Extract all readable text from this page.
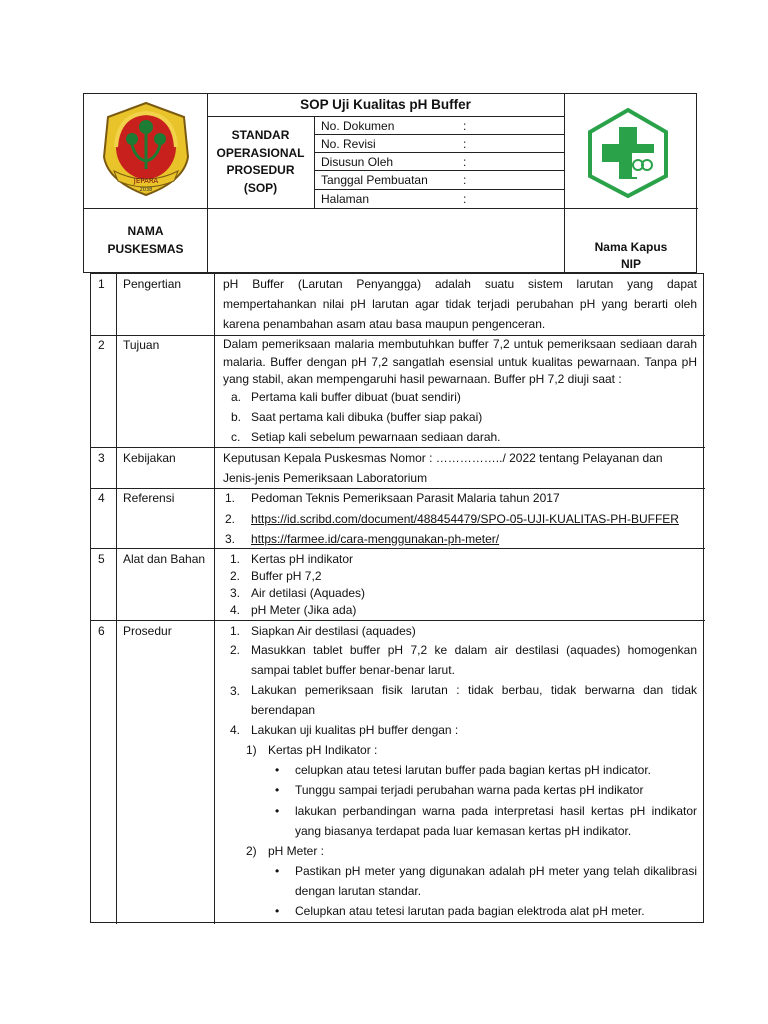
JEPARA
2038
SOP Uji Kualitas pH Buffer
STANDAR
OPERASIONAL
PROSEDUR
(SOP)
No. Dokumen	:
No. Revisi	:
Disusun Oleh	:
Tanggal Pembuatan	:
Halaman	:
NAMA
PUSKESMAS	Nama Kapus
NIP
1 Pengertian	pH Buffer (Larutan Penyangga) adalah suatu sistem larutan yang dapat mempertahankan nilai pH larutan agar tidak terjadi perubahan pH yang berarti oleh karena penambahan asam atau basa maupun pengenceran.
2 Tujuan	Dalam pemeriksaan malaria membutuhkan buffer 7,2 untuk pemeriksaan sediaan darah malaria. Buffer dengan pH 7,2 sangatlah esensial untuk kualitas pewarnaan. Tanpa pH yang stabil, akan mempengaruhi hasil pewarnaan. Buffer pH 7,2 diuji saat :
a. Pertama kali buffer dibuat (buat sendiri)
b. Saat pertama kali dibuka (buffer siap pakai)
c. Setiap kali sebelum pewarnaan sediaan darah.
3 Kebijakan	Keputusan Kepala Puskesmas Nomor : ……………../ 2022 tentang Pelayanan dan
Jenis-jenis Pemeriksaan Laboratorium
4 Referensi	1. Pedoman Teknis Pemeriksaan Parasit Malaria tahun 2017
2. https://id.scribd.com/document/488454479/SPO-05-UJI-KUALITAS-PH-BUFFER
3. https://farmee.id/cara-menggunakan-ph-meter/
5 Alat dan Bahan 1. Kertas pH indikator
2. Buffer pH 7,2
3. Air detilasi (Aquades)
4. pH Meter (Jika ada)
6 Prosedur	1. Siapkan Air destilasi (aquades)
2. Masukkan tablet buffer pH 7,2 ke dalam air destilasi (aquades) homogenkan sampai tablet buffer benar-benar larut.
3. Lakukan pemeriksaan fisik larutan : tidak berbau, tidak berwarna dan tidak berendapan
4. Lakukan uji kualitas pH buffer dengan :
1) Kertas pH Indikator :
• celupkan atau tetesi larutan buffer pada bagian kertas pH indicator.
• Tunggu sampai terjadi perubahan warna pada kertas pH indikator
• lakukan perbandingan warna pada interpretasi hasil kertas pH indikator yang biasanya terdapat pada luar kemasan kertas pH indikator.
2) pH Meter :
• Pastikan pH meter yang digunakan adalah pH meter yang telah dikalibrasi dengan larutan standar.
• Celupkan atau tetesi larutan pada bagian elektroda alat pH meter.
